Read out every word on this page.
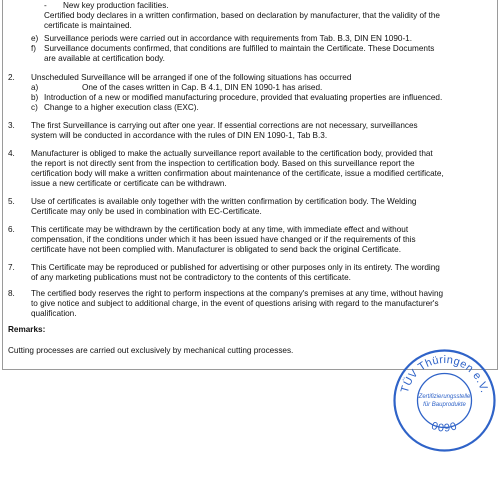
- New key production facilities.
Certified body declares in a written confirmation, based on declaration by manufacturer, that the validity of the
certificate is maintained.
e) Surveillance periods were carried out in accordance with requirements from Tab. B.3, DIN EN 1090-1.
f) Surveillance documents confirmed, that conditions are fulfilled to maintain the Certificate. These Documents
are available at certification body.
2. Unscheduled Surveillance will be arranged if one of the following situations has occurred
a)	One of the cases written in Cap. B 4.1, DIN EN 1090-1 has arised.
b) Introduction of a new or modified manufacturing procedure, provided that evaluating properties are influenced.
c) Change to a higher execution class (EXC).
3. The first Surveillance is carrying out after one year. If essential corrections are not necessary, surveillances
system will be conducted in accordance with the rules of DIN EN 1090-1, Tab B.3.
4. Manufacturer is obliged to make the actually surveillance report available to the certification body, provided that
the report is not directly sent from the inspection to certification body. Based on this surveillance report the
certification body will make a written confirmation about maintenance of the certificate, issue a modified certificate,
issue a new certificate or certificate can be withdrawn.
5. Use of certificates is available only together with the written confirmation by certification body. The Welding
Certificate may only be used in combination with EC-Certificate.
6. This certificate may be withdrawn by the certification body at any time, with immediate effect and without
compensation, if the conditions under which it has been issued have changed or if the requirements of this
certificate have not been complied with. Manufacturer is obligated to send back the original Certificate.
7. This Certificate may be reproduced or published for advertising or other purposes only in its entirety. The wording
of any marketing publications must not be contradictory to the contents of this certificate.
8. The certified body reserves the right to perform inspections at the company's premises at any time, without having
to give notice and subject to additional charge, in the event of questions arising with regard to the manufacturer's
qualification.
Remarks:
Cutting processes are carried out exclusively by mechanical cutting processes.
TÜV Thüringen e.V.
Zertifizierungsstelle
für Bauprodukte
0090
